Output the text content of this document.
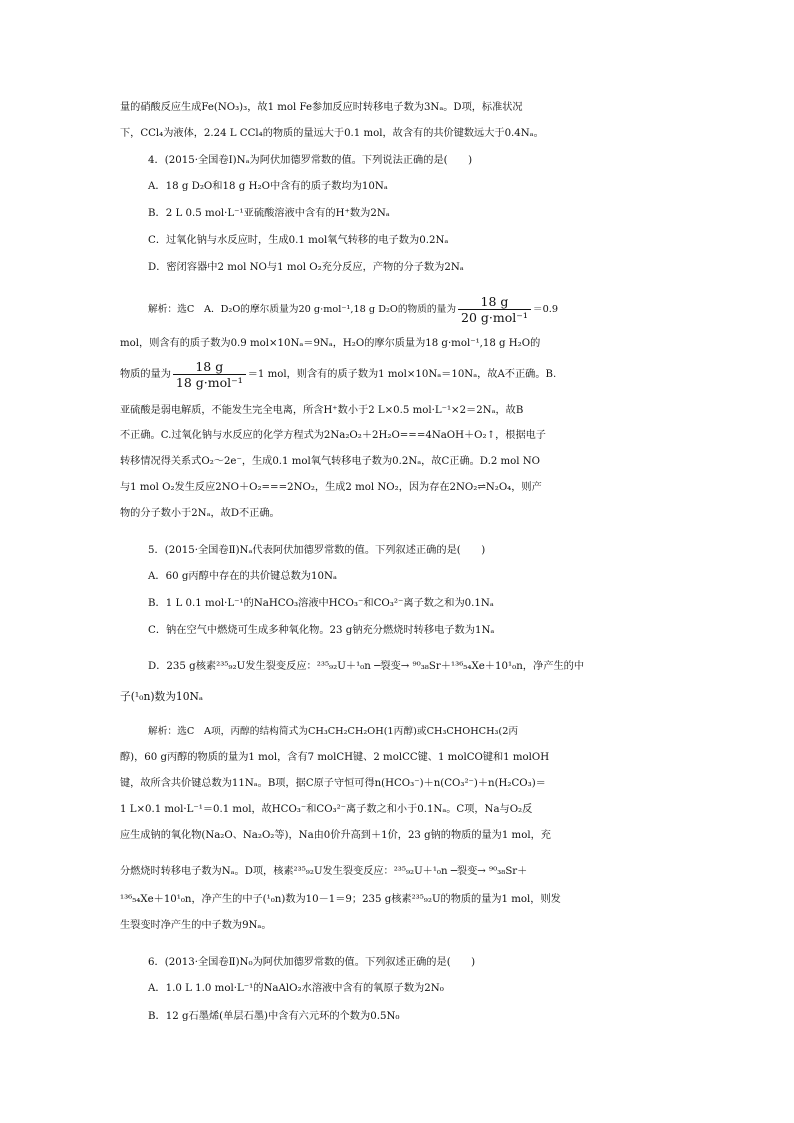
量的硝酸反应生成Fe(NO₃)₃，故1 mol Fe参加反应时转移电子数为3Nₐ。D项，标准状况
下，CCl₄为液体，2.24 L CCl₄的物质的量远大于0.1 mol，故含有的共价键数远大于0.4Nₐ。
4．(2015·全国卷Ⅰ)Nₐ为阿伏加德罗常数的值。下列说法正确的是(　　)
A．18 g D₂O和18 g H₂O中含有的质子数均为10Nₐ
B．2 L 0.5 mol·L⁻¹亚硫酸溶液中含有的H⁺数为2Nₐ
C．过氧化钠与水反应时，生成0.1 mol氧气转移的电子数为0.2Nₐ
D．密闭容器中2 mol NO与1 mol O₂充分反应，产物的分子数为2Nₐ
解析：选C　A．D₂O的摩尔质量为20 g·mol⁻¹,18 g D₂O的物质的量为 $\frac{18 g}{\text{20 g·mol⁻¹}} =0.9$
mol，则含有的质子数为0.9 mol×10Nₐ＝9Nₐ，H₂O的摩尔质量为18 g·mol⁻¹,18 g H₂O的
物质的量为 $\frac{18 g}{\text{18 g·mol⁻¹}} =1$ mol，则含有的质子数为1 mol×10Nₐ＝10Nₐ，故A不正确。B.
亚硫酸是弱电解质，不能发生完全电离，所含H⁺数小于2 L×0.5 mol·L⁻¹×2＝2Nₐ，故B
不正确。C.过氧化钠与水反应的化学方程式为2Na₂O₂＋2H₂O===4NaOH＋O₂↑，根据电子
转移情况得关系式O₂～2e⁻，生成0.1 mol氧气转移电子数为0.2Nₐ，故C正确。D.2 mol NO
与1 mol O₂发生反应2NO＋O₂===2NO₂，生成2 mol NO₂，因为存在2NO₂⇌N₂O₄，则产
物的分子数小于2Nₐ，故D不正确。
5．(2015·全国卷Ⅱ)Nₐ代表阿伏加德罗常数的值。下列叙述正确的是(　　)
A．60 g丙醇中存在的共价键总数为10Nₐ
B．1 L 0.1 mol·L⁻¹的NaHCO₃溶液中HCO₃⁻和CO₃²⁻离子数之和为0.1Nₐ
C．钠在空气中燃烧可生成多种氧化物。23 g钠充分燃烧时转移电子数为1Nₐ
D．235 g核素²³⁵₉₂U发生裂变反应：²³⁵₉₂U＋¹₀n ─裂变→ ⁹⁰₃₈Sr＋¹³⁶₅₄Xe＋10¹₀n，净产生的中
子(¹₀n)数为10Nₐ
解析：选C　A项，丙醇的结构简式为CH₃CH₂CH₂OH(1丙醇)或CH₃CHOHCH₃(2丙
醇)，60 g丙醇的物质的量为1 mol，含有7 molCH键、2 molCC键、1 molCO键和1 molOH
键，故所含共价键总数为11Nₐ。B项，据C原子守恒可得n(HCO₃⁻)＋n(CO₃²⁻)＋n(H₂CO₃)＝
1 L×0.1 mol·L⁻¹＝0.1 mol，故HCO₃⁻和CO₃²⁻离子数之和小于0.1Nₐ。C项，Na与O₂反
应生成钠的氧化物(Na₂O、Na₂O₂等)，Na由0价升高到＋1价，23 g钠的物质的量为1 mol，充
分燃烧时转移电子数为Nₐ。D项，核素²³⁵₉₂U发生裂变反应：²³⁵₉₂U＋¹₀n ─裂变→ ⁹⁰₃₈Sr＋
¹³⁶₅₄Xe＋10¹₀n，净产生的中子(¹₀n)数为10－1＝9；235 g核素²³⁵₉₂U的物质的量为1 mol，则发
生裂变时净产生的中子数为9Nₐ。
6．(2013·全国卷Ⅱ)N₀为阿伏加德罗常数的值。下列叙述正确的是(　　)
A．1.0 L 1.0 mol·L⁻¹的NaAlO₂水溶液中含有的氧原子数为2N₀
B．12 g石墨烯(单层石墨)中含有六元环的个数为0.5N₀
